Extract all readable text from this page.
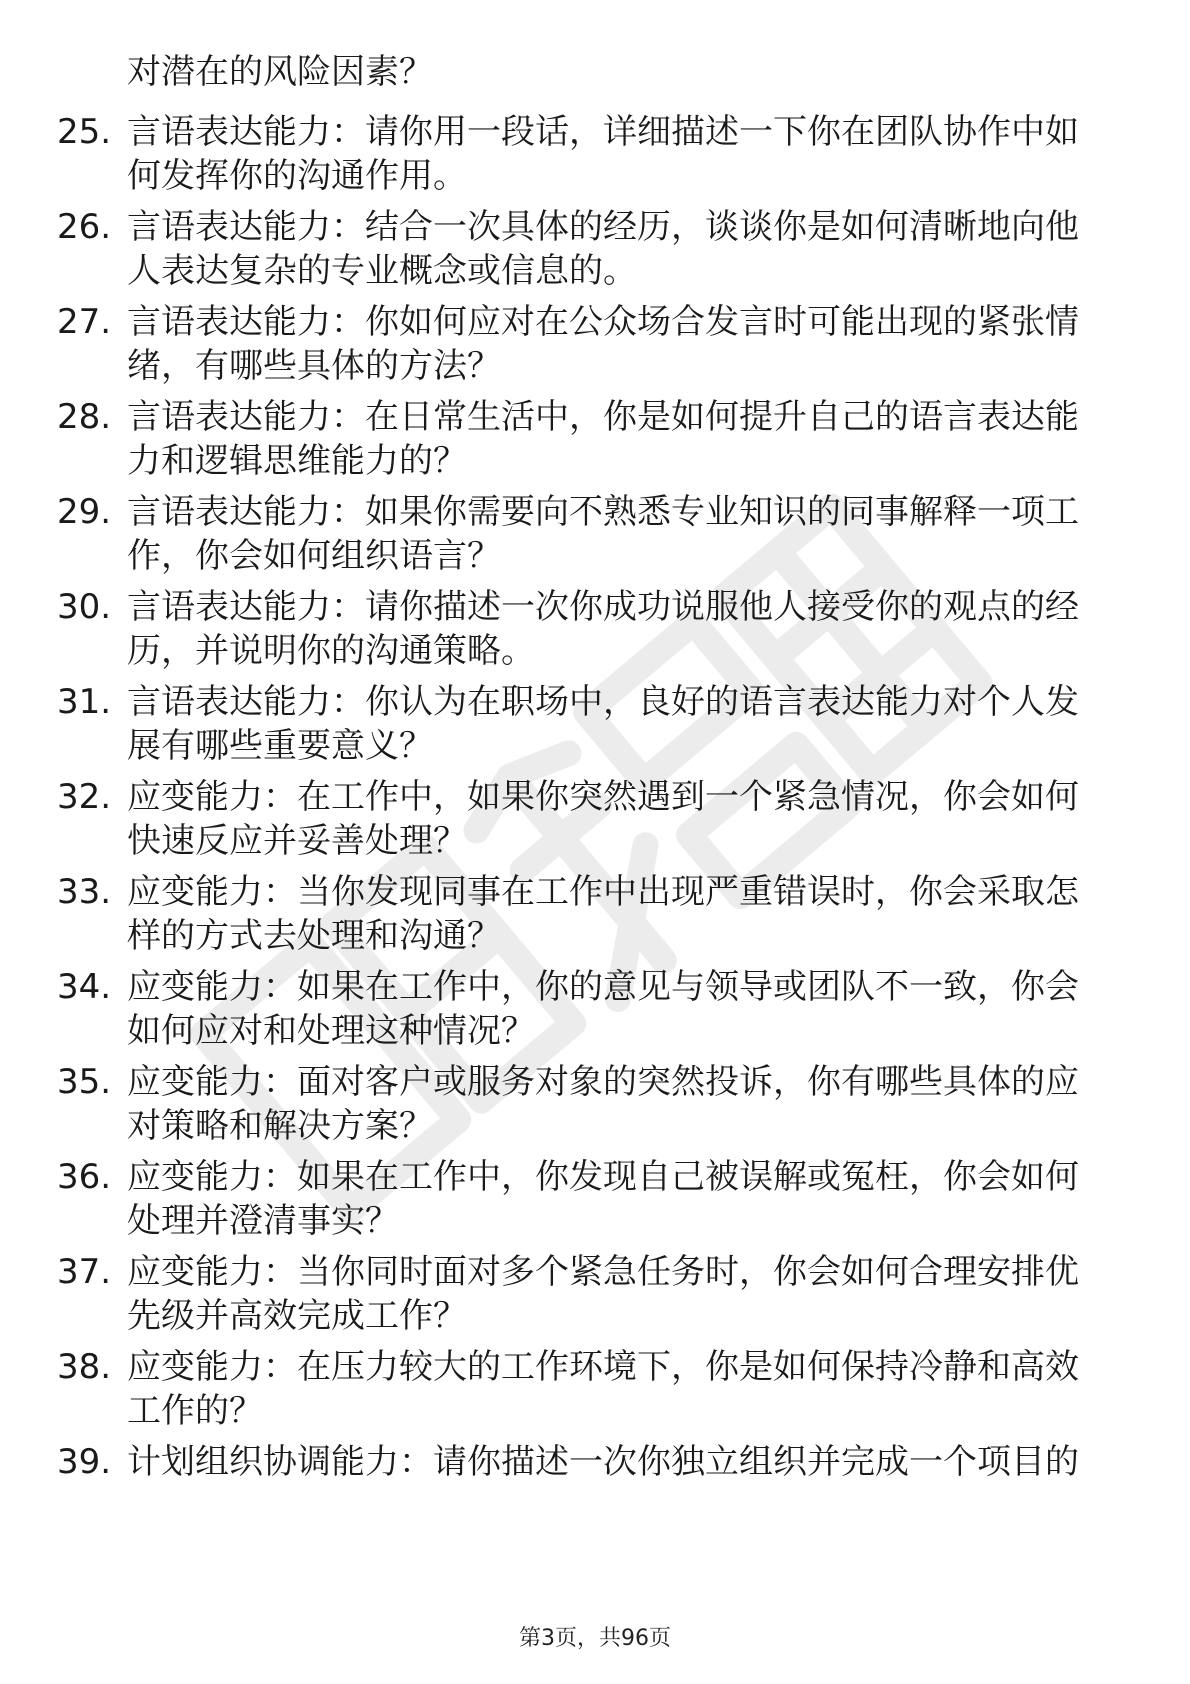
对潜在的风险因素？
25. 言语表达能力：请你用一段话，详细描述一下你在团队协作中如
何发挥你的沟通作用。
26. 言语表达能力：结合一次具体的经历，谈谈你是如何清晰地向他
人表达复杂的专业概念或信息的。
27. 言语表达能力：你如何应对在公众场合发言时可能出现的紧张情
绪，有哪些具体的方法？
28. 言语表达能力：在日常生活中，你是如何提升自己的语言表达能
力和逻辑思维能力的？
29. 言语表达能力：如果你需要向不熟悉专业知识的同事解释一项工
作，你会如何组织语言？
30. 言语表达能力：请你描述一次你成功说服他人接受你的观点的经
历，并说明你的沟通策略。
31. 言语表达能力：你认为在职场中，良好的语言表达能力对个人发
展有哪些重要意义？
32. 应变能力：在工作中，如果你突然遇到一个紧急情况，你会如何
快速反应并妥善处理？
33. 应变能力：当你发现同事在工作中出现严重错误时，你会采取怎
样的方式去处理和沟通？
34. 应变能力：如果在工作中，你的意见与领导或团队不一致，你会
如何应对和处理这种情况？
35. 应变能力：面对客户或服务对象的突然投诉，你有哪些具体的应
对策略和解决方案？
36. 应变能力：如果在工作中，你发现自己被误解或冤枉，你会如何
处理并澄清事实？
37. 应变能力：当你同时面对多个紧急任务时，你会如何合理安排优
先级并高效完成工作？
38. 应变能力：在压力较大的工作环境下，你是如何保持冷静和高效
工作的？
39. 计划组织协调能力：请你描述一次你独立组织并完成一个项目的
第3页，共96页
